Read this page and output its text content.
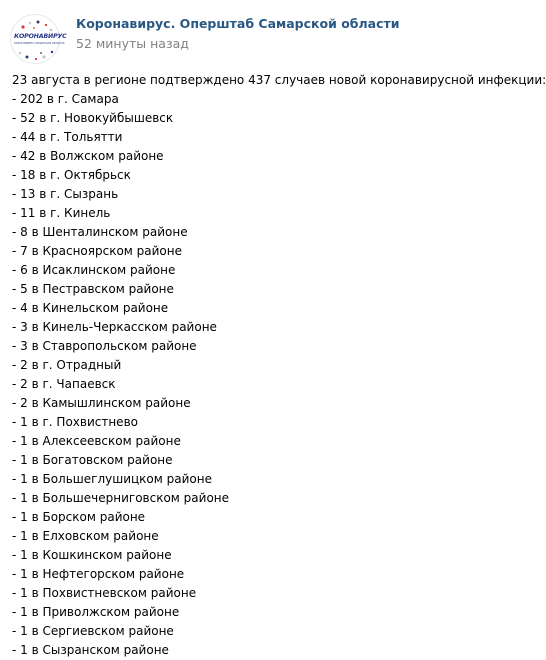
КОРОНАВИРУС
КОРОНАВИРУС САМАРСКАЯ ОБЛАСТЬ
Коронавирус. Оперштаб Самарской области
52 минуты назад
23 августа в регионе подтверждено 437 случаев новой коронавирусной инфекции:
- 202 в г. Самара
- 52 в г. Новокуйбышевск
- 44 в г. Тольятти
- 42 в Волжском районе
- 18 в г. Октябрьск
- 13 в г. Сызрань
- 11 в г. Кинель
- 8 в Шенталинском районе
- 7 в Красноярском районе
- 6 в Исаклинском районе
- 5 в Пестравском районе
- 4 в Кинельском районе
- 3 в Кинель-Черкасском районе
- 3 в Ставропольском районе
- 2 в г. Отрадный
- 2 в г. Чапаевск
- 2 в Камышлинском районе
- 1 в г. Похвистнево
- 1 в Алексеевском районе
- 1 в Богатовском районе
- 1 в Большеглушицком районе
- 1 в Большечерниговском районе
- 1 в Борском районе
- 1 в Елховском районе
- 1 в Кошкинском районе
- 1 в Нефтегорском районе
- 1 в Похвистневском районе
- 1 в Приволжском районе
- 1 в Сергиевском районе
- 1 в Сызранском районе
